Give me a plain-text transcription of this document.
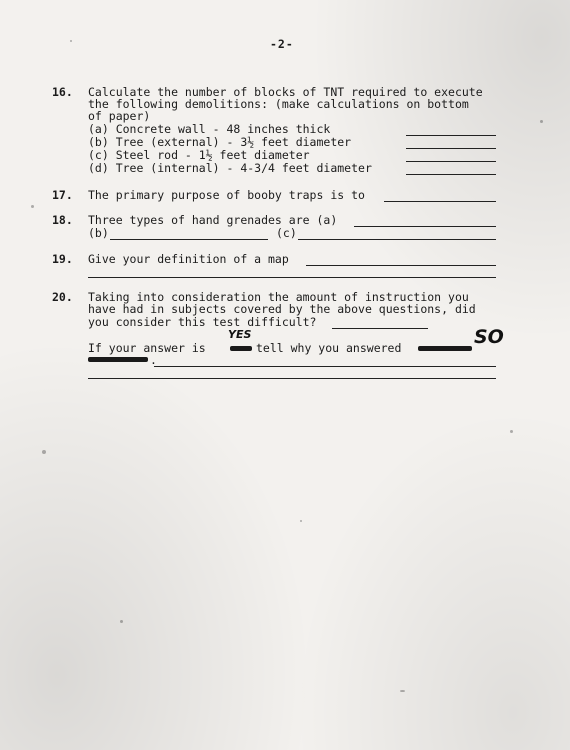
-2-
16.

Calculate the number of blocks of TNT required to execute

the following demolitions: (make calculations on bottom

of paper)

(a) Concrete wall - 48 inches thick

(b) Tree (external) - 3½ feet diameter

(c) Steel rod - 1½ feet diameter

(d) Tree (internal) - 4-3/4 feet diameter

17.

The primary purpose of booby traps is to

18.

Three types of hand grenades are (a)

(b)

	(c)

19.

Give your definition of a map

20.

Taking into consideration the amount of instruction you

have had in subjects covered by the above questions, did

you consider this test difficult?

If your answer is

	tell why you answered

.

YES	SO
